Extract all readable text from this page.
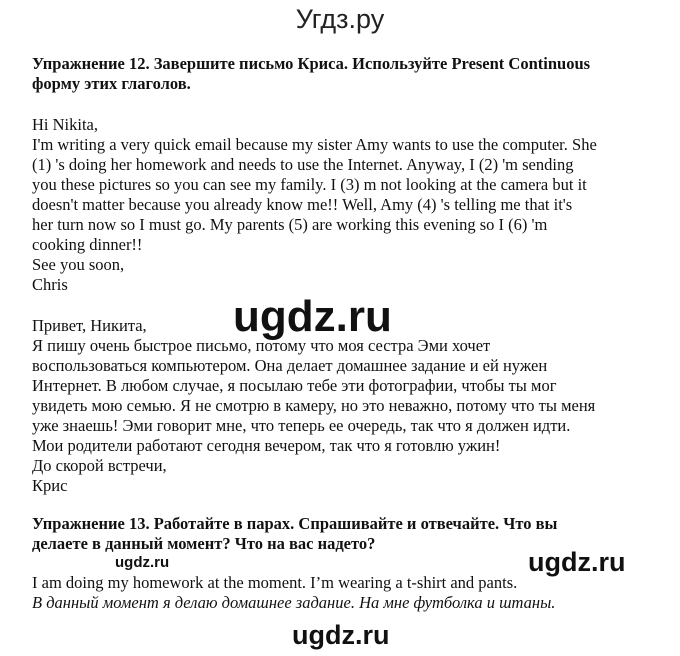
Угдз.ру
Упражнение 12. Завершите письмо Криса. Используйте Present Continuous
форму этих глаголов.
Hi Nikita,
I'm writing a very quick email because my sister Amy wants to use the computer. She
(1) 's doing her homework and needs to use the Internet. Anyway, I (2) 'm sending
you these pictures so you can see my family. I (3) m not looking at the camera but it
doesn't matter because you already know me!! Well, Amy (4) 's telling me that it's
her turn now so I must go. My parents (5) are working this evening so I (6) 'm
cooking dinner!!
See you soon,
Chris
Привет, Никита,
Я пишу очень быстрое письмо, потому что моя сестра Эми хочет
воспользоваться компьютером. Она делает домашнее задание и ей нужен
Интернет. В любом случае, я посылаю тебе эти фотографии, чтобы ты мог
увидеть мою семью. Я не смотрю в камеру, но это неважно, потому что ты меня
уже знаешь! Эми говорит мне, что теперь ее очередь, так что я должен идти.
Мои родители работают сегодня вечером, так что я готовлю ужин!
До скорой встречи,
Крис
Упражнение 13. Работайте в парах. Спрашивайте и отвечайте. Что вы
делаете в данный момент? Что на вас надето?
I am doing my homework at the moment. I’m wearing a t-shirt and pants.
В данный момент я делаю домашнее задание. На мне футболка и штаны.
ugdz.ru
ugdz.ru	ugdz.ru
ugdz.ru
